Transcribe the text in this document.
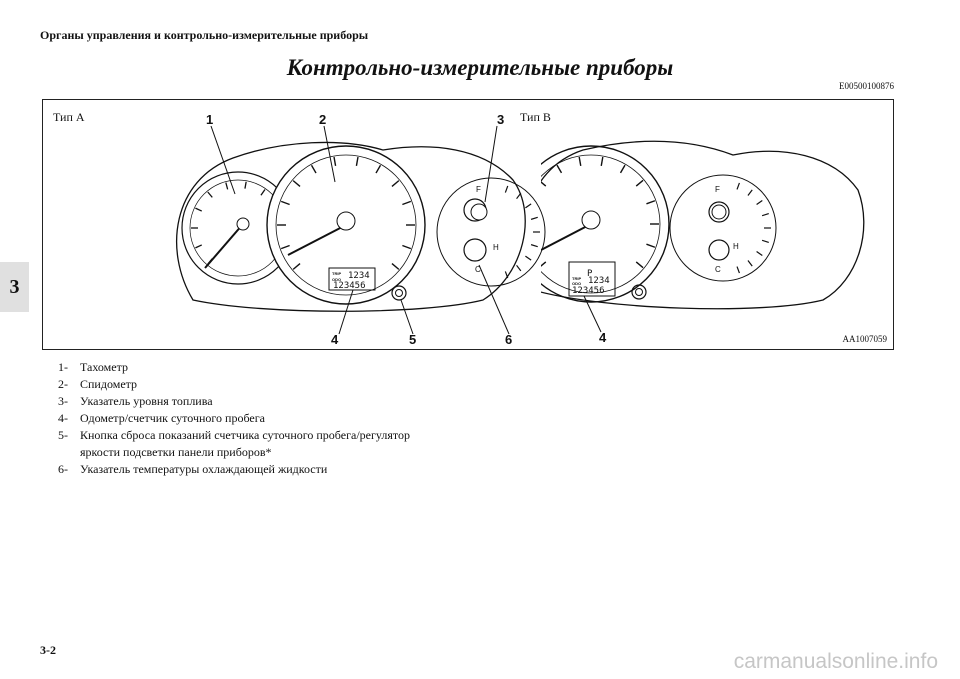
Органы управления и контрольно-измерительные приборы
Контрольно-измерительные приборы
E00500100876
3
TRIP
ODO 1234
123456
P
TRIP
ODO 1234
123456
F
H
C
F
H
C
1	2	3
4	5	6	4
Тип A	Тип B
AA1007059
1-	Тахометр
2-	Спидометр
3-	Указатель уровня топлива
4-	Одометр/счетчик суточного пробега
5-	Кнопка сброса показаний счетчика суточного пробега/регулятор яркости подсветки панели приборов*
6-	Указатель температуры охлаждающей жидкости
3-2	carmanualsonline.info
